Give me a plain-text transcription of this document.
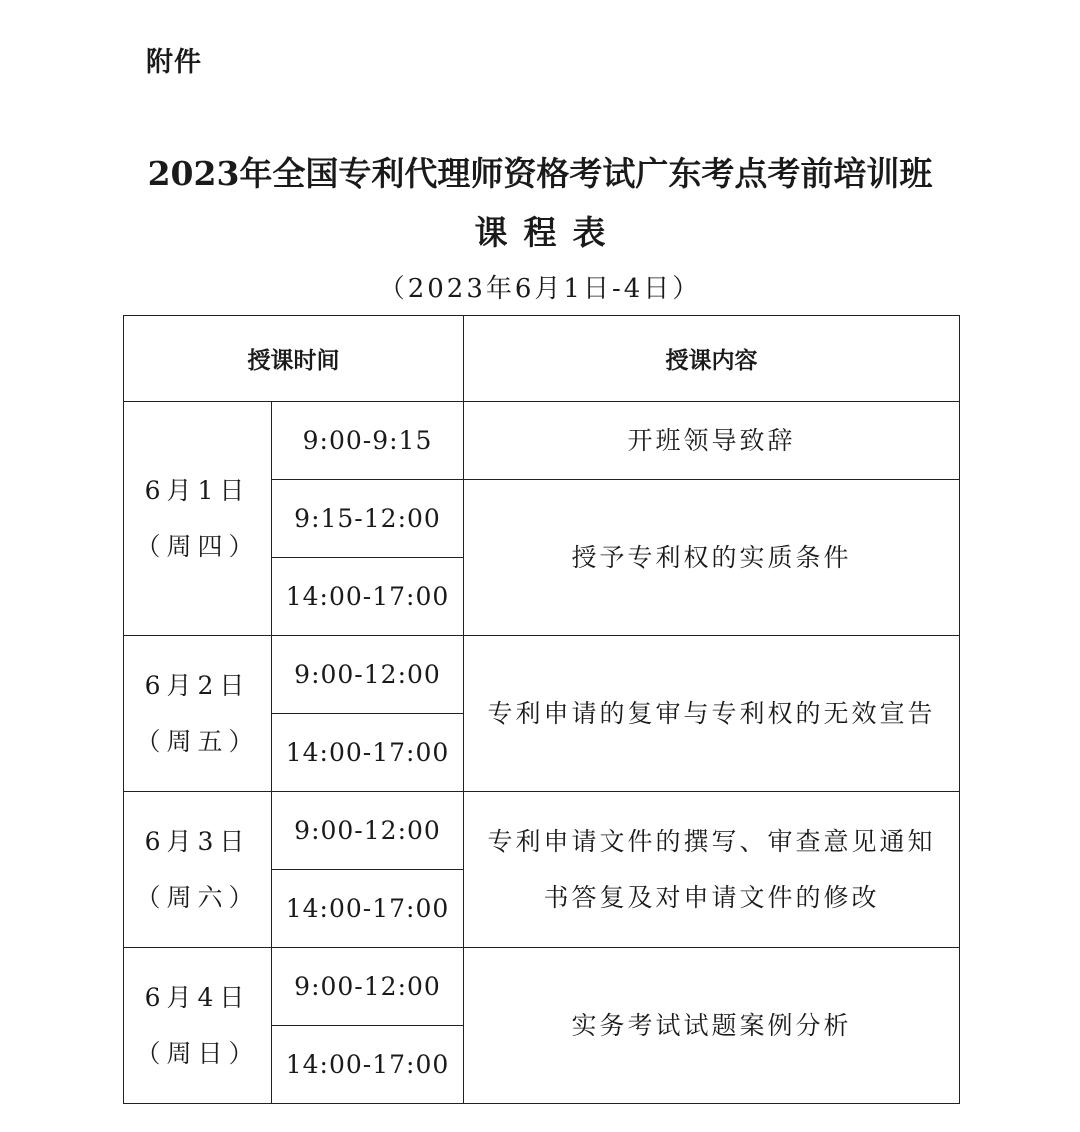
附件
2023年全国专利代理师资格考试广东考点考前培训班
课程表
（2023年6月1日-4日）
授课时间		授课内容

6月1日
（周四）	9:00-9:15	开班领导致辞
	9:15-12:00	授予专利权的实质条件
	14:00-17:00	

6月2日
（周五）	9:00-12:00	专利申请的复审与专利权的无效宣告
	14:00-17:00	

6月3日
（周六）	9:00-12:00	专利申请文件的撰写、审查意见通知
书答复及对申请文件的修改

	14:00-17:00	

6月4日
（周日）	9:00-12:00	实务考试试题案例分析
	14:00-17:00	
